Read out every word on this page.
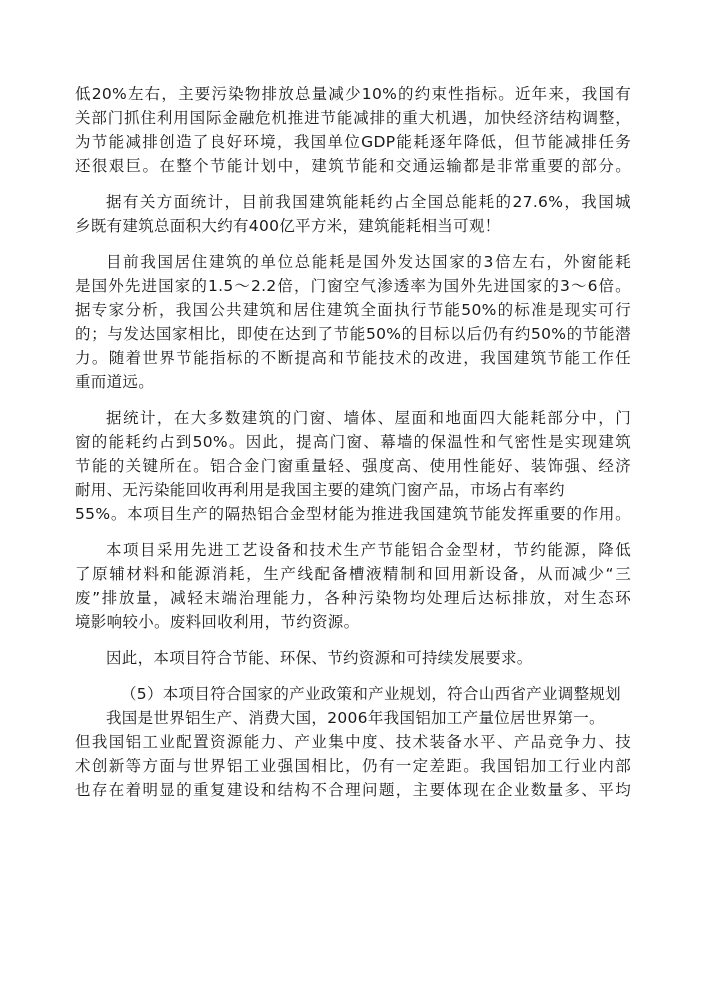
低20%左右，主要污染物排放总量减少10%的约束性指标。近年来，我国有
关部门抓住利用国际金融危机推进节能减排的重大机遇，加快经济结构调整，
为节能减排创造了良好环境，我国单位GDP能耗逐年降低，但节能减排任务
还很艰巨。在整个节能计划中，建筑节能和交通运输都是非常重要的部分。
据有关方面统计，目前我国建筑能耗约占全国总能耗的27.6%，我国城
乡既有建筑总面积大约有400亿平方米，建筑能耗相当可观！
目前我国居住建筑的单位总能耗是国外发达国家的3倍左右，外窗能耗
是国外先进国家的1.5～2.2倍，门窗空气渗透率为国外先进国家的3～6倍。
据专家分析，我国公共建筑和居住建筑全面执行节能50%的标准是现实可行
的；与发达国家相比，即使在达到了节能50%的目标以后仍有约50%的节能潜
力。随着世界节能指标的不断提高和节能技术的改进，我国建筑节能工作任
重而道远。
据统计，在大多数建筑的门窗、墙体、屋面和地面四大能耗部分中，门
窗的能耗约占到50%。因此，提高门窗、幕墙的保温性和气密性是实现建筑
节能的关键所在。铝合金门窗重量轻、强度高、使用性能好、装饰强、经济
耐用、无污染能回收再利用是我国主要的建筑门窗产品，市场占有率约
55%。本项目生产的隔热铝合金型材能为推进我国建筑节能发挥重要的作用。
本项目采用先进工艺设备和技术生产节能铝合金型材，节约能源，降低
了原辅材料和能源消耗，生产线配备槽液精制和回用新设备，从而减少“三
废”排放量，减轻末端治理能力，各种污染物均处理后达标排放，对生态环
境影响较小。废料回收利用，节约资源。
因此，本项目符合节能、环保、节约资源和可持续发展要求。
（5）本项目符合国家的产业政策和产业规划，符合山西省产业调整规划
我国是世界铝生产、消费大国，2006年我国铝加工产量位居世界第一。
但我国铝工业配置资源能力、产业集中度、技术装备水平、产品竞争力、技
术创新等方面与世界铝工业强国相比，仍有一定差距。我国铝加工行业内部
也存在着明显的重复建设和结构不合理问题，主要体现在企业数量多、平均
